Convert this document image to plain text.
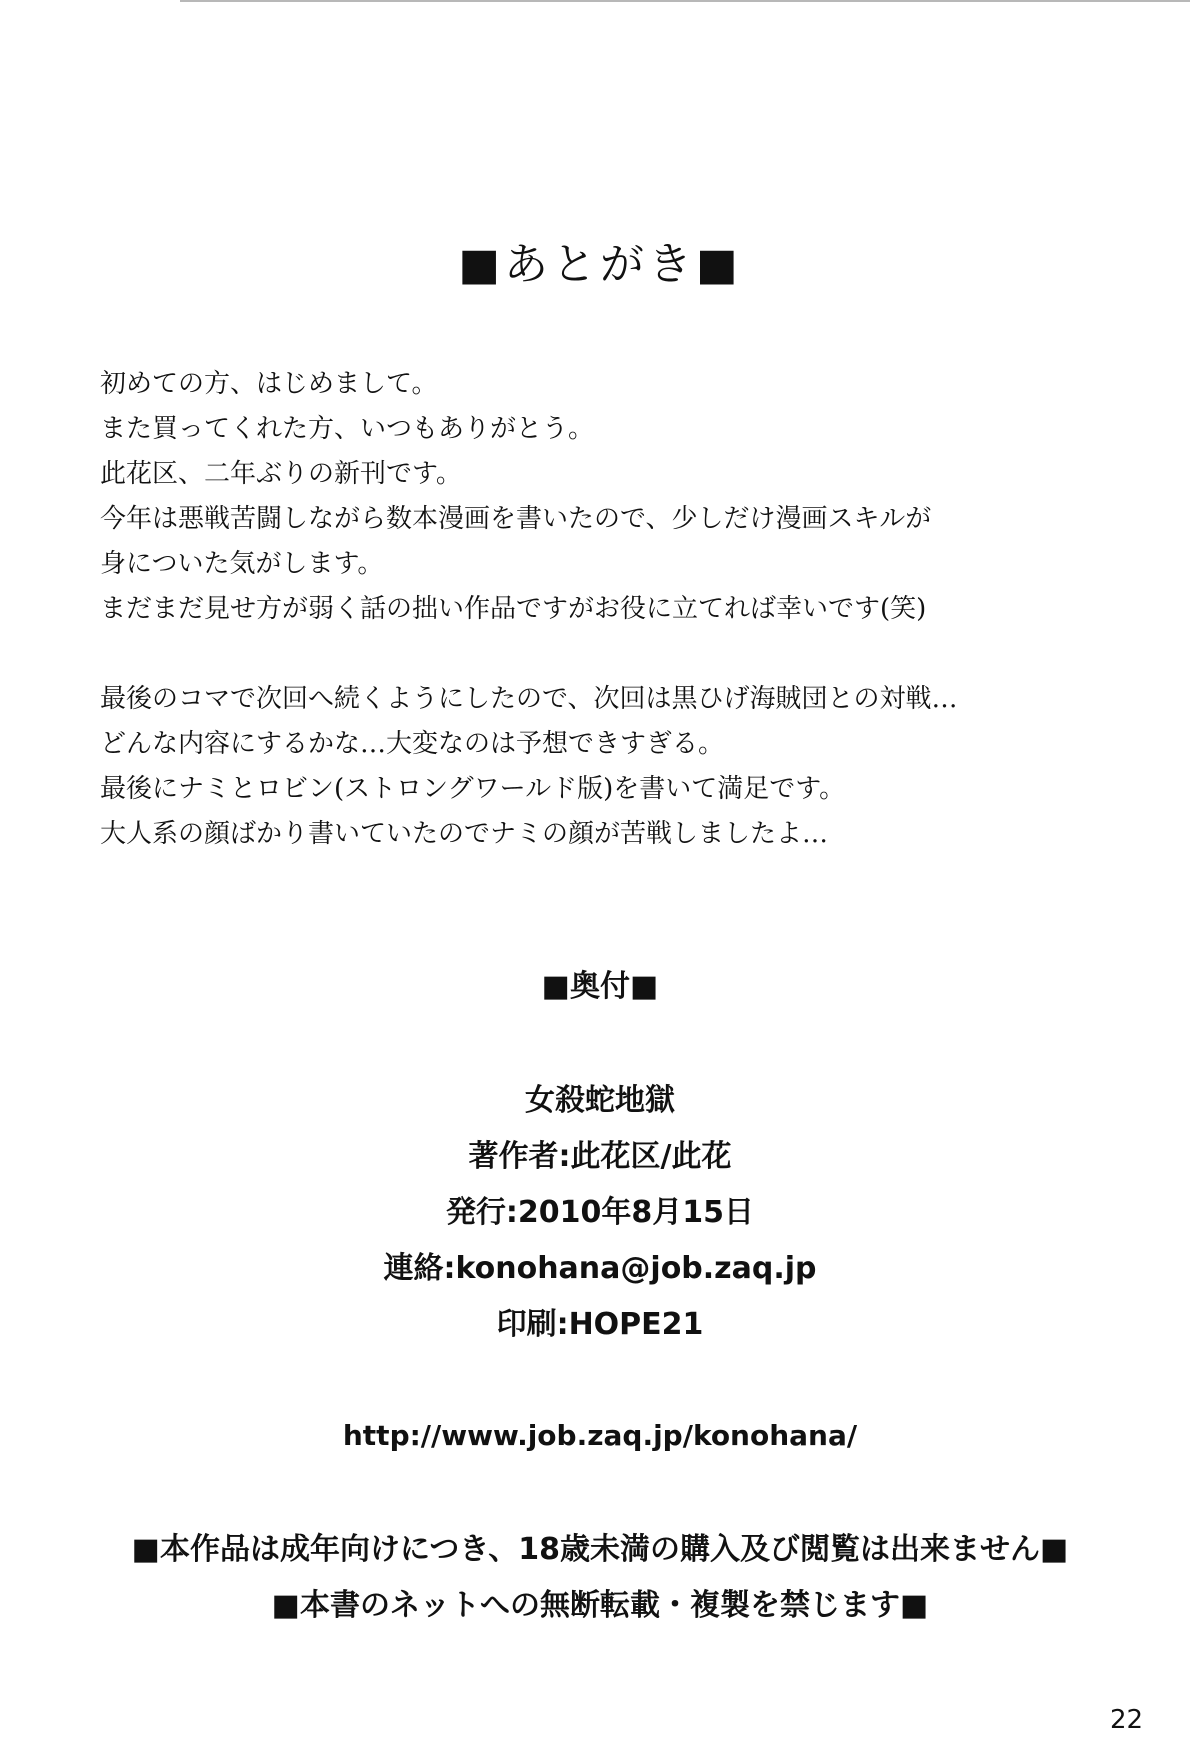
■あとがき■

初めての方、はじめまして。

また買ってくれた方、いつもありがとう。

此花区、二年ぶりの新刊です。

今年は悪戦苦闘しながら数本漫画を書いたので、少しだけ漫画スキルが

身についた気がします。

まだまだ見せ方が弱く話の拙い作品ですがお役に立てれば幸いです(笑)

最後のコマで次回へ続くようにしたので、次回は黒ひげ海賊団との対戦…

どんな内容にするかな…大変なのは予想できすぎる。

最後にナミとロビン(ストロングワールド版)を書いて満足です。

大人系の顔ばかり書いていたのでナミの顔が苦戦しましたよ…

■奥付■
女殺蛇地獄
著作者:此花区/此花
発行:2010年8月15日
連絡:konohana@job.zaq.jp
印刷:HOPE21
http://www.job.zaq.jp/konohana/
■本作品は成年向けにつき、18歳未満の購入及び閲覧は出来ません■
■本書のネットへの無断転載・複製を禁じます■
22
